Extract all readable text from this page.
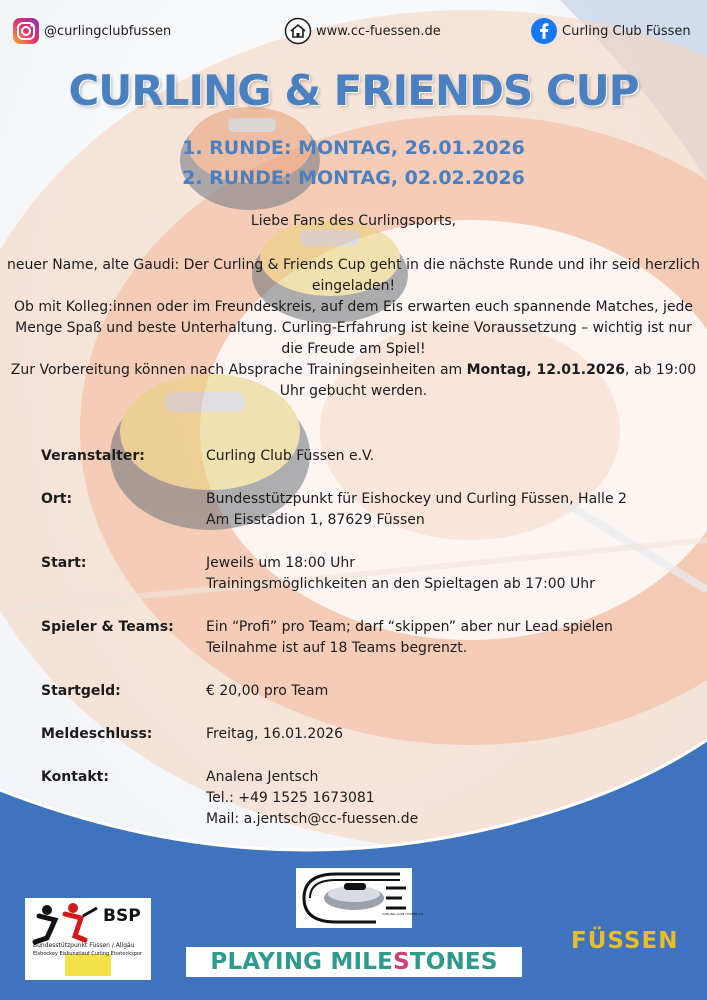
@curlingclubfussen	www.cc-fuessen.de	Curling Club Füssen
CURLING & FRIENDS CUP
1. RUNDE: MONTAG, 26.01.2026
2. RUNDE: MONTAG, 02.02.2026
Liebe Fans des Curlingsports,
neuer Name, alte Gaudi: Der Curling & Friends Cup geht in die nächste Runde und ihr seid herzlich eingeladen!
Ob mit Kolleg:innen oder im Freundeskreis, auf dem Eis erwarten euch spannende Matches, jede Menge Spaß und beste Unterhaltung. Curling-Erfahrung ist keine Voraussetzung – wichtig ist nur die Freude am Spiel!
Zur Vorbereitung können nach Absprache Trainingseinheiten am Montag, 12.01.2026, ab 19:00 Uhr gebucht werden.
Veranstalter:	Curling Club Füssen e.V.
Ort:	Bundesstützpunkt für Eishockey und Curling Füssen, Halle 2
Am Eisstadion 1, 87629 Füssen
Start:	Jeweils um 18:00 Uhr
Trainingsmöglichkeiten an den Spieltagen ab 17:00 Uhr
Spieler & Teams: Ein “Profi” pro Team; darf “skippen” aber nur Lead spielen
Teilnahme ist auf 18 Teams begrenzt.
Startgeld:	€ 20,00 pro Team
Meldeschluss:	Freitag, 16.01.2026
Kontakt:	Analena Jentsch
Tel.: +49 1525 1673081
Mail: a.jentsch@cc-fuessen.de
BSP
Bundesstützpunkt Füssen / Allgäu
Eishockey Eiskunstlauf Curling Eisstockspor
CURLING CLUB FÜSSEN e.V.
PLAYING MILESTONES
FÜSSEN
